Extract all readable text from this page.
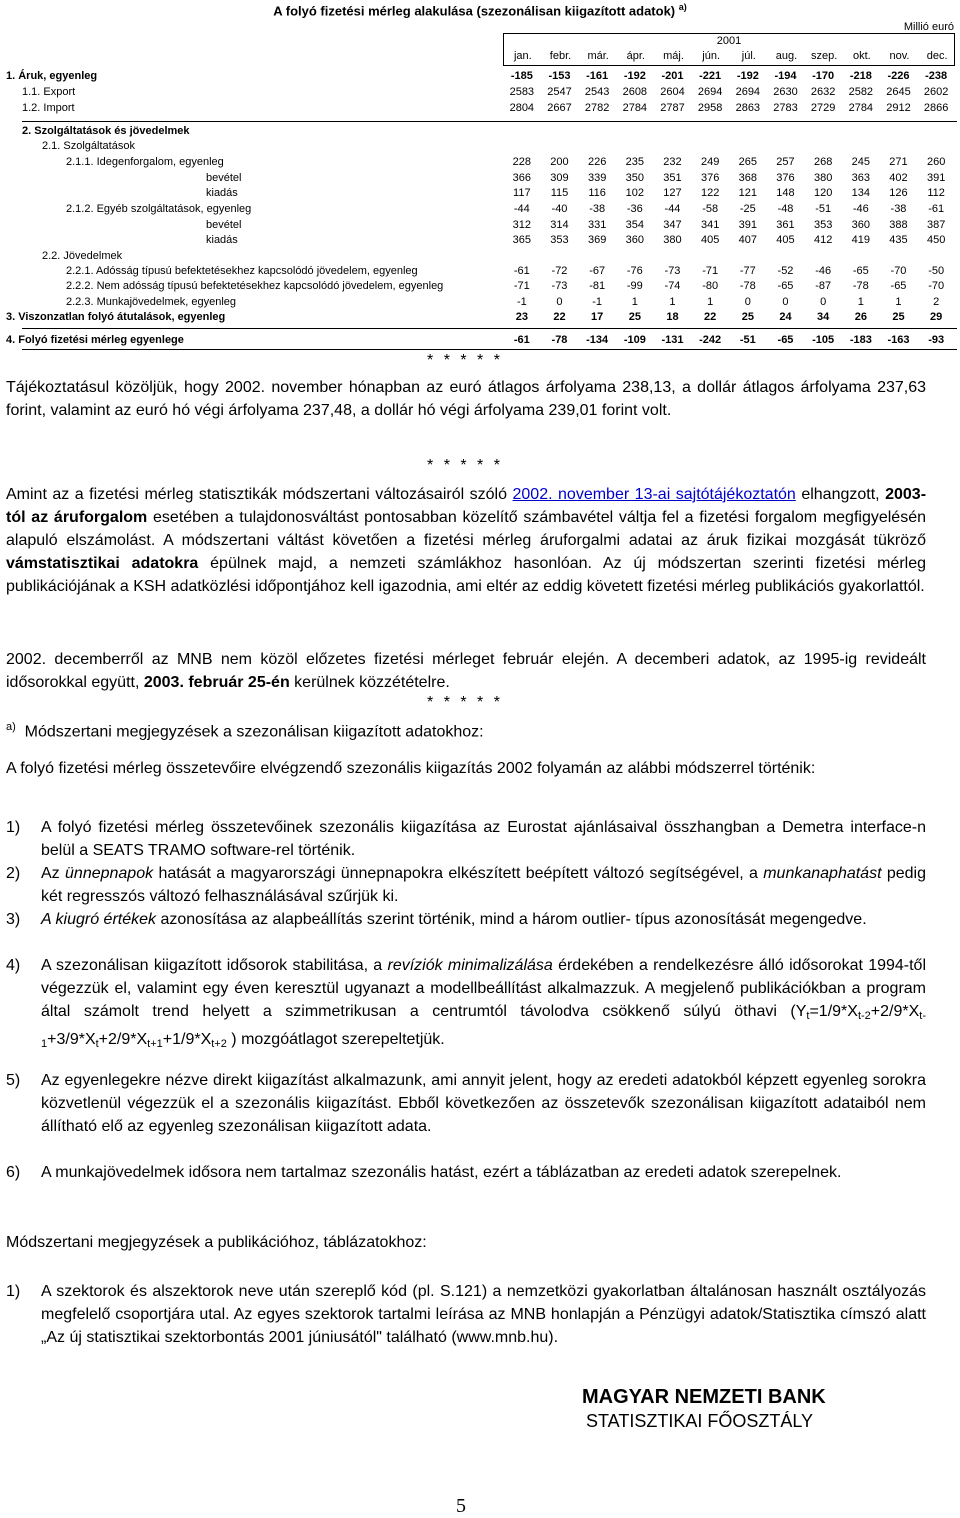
A folyó fizetési mérleg alakulása (szezonálisan kiigazított adatok) $^{a)}$
Millió euró
2001
jan.	febr.	már.	ápr.	máj.	jún.	júl.	aug.	szep.	okt.	nov.	dec.
1. Áruk, egyenleg	-185	-153	-161	-192	-201	-221	-192	-194	-170	-218	-226	-238
1.1. Export	2583	2547	2543	2608	2604	2694	2694	2630	2632	2582	2645	2602
1.2. Import	2804	2667	2782	2784	2787	2958	2863	2783	2729	2784	2912	2866
2. Szolgáltatások és jövedelmek
2.1. Szolgáltatások
2.1.1. Idegenforgalom, egyenleg	228	200	226	235	232	249	265	257	268	245	271	260
bevétel	366	309	339	350	351	376	368	376	380	363	402	391
kiadás	117	115	116	102	127	122	121	148	120	134	126	112
2.1.2. Egyéb szolgáltatások, egyenleg	-44	-40	-38	-36	-44	-58	-25	-48	-51	-46	-38	-61
bevétel	312	314	331	354	347	341	391	361	353	360	388	387
kiadás	365	353	369	360	380	405	407	405	412	419	435	450
2.2. Jövedelmek
2.2.1. Adósság típusú befektetésekhez kapcsolódó jövedelem, egyenleg	-61	-72	-67	-76	-73	-71	-77	-52	-46	-65	-70	-50
2.2.2. Nem adósság típusú befektetésekhez kapcsolódó jövedelem, egyenleg	-71	-73	-81	-99	-74	-80	-78	-65	-87	-78	-65	-70
2.2.3. Munkajövedelmek, egyenleg	-1	0	-1	1	1	1	0	0	0	1	1	2
3. Viszonzatlan folyó átutalások, egyenleg	23	22	17	25	18	22	25	24	34	26	25	29
4. Folyó fizetési mérleg egyenlege	-61	-78	-134	-109	-131	-242	-51	-65	-105	-183	-163	-93
* * * * *
Tájékoztatásul közöljük, hogy 2002. november hónapban az euró átlagos árfolyama 238,13, a dollár átlagos árfolyama 237,63 forint, valamint az euró hó végi árfolyama 237,48, a dollár hó végi árfolyama 239,01 forint volt.
* * * * *
Amint az a fizetési mérleg statisztikák módszertani változásairól szóló 2002. november 13-ai sajtótájékoztatón elhangzott, 2003-tól az áruforgalom esetében a tulajdonosváltást pontosabban közelítő számbavétel váltja fel a fizetési forgalom megfigyelésén alapuló elszámolást. A módszertani váltást követően a fizetési mérleg áruforgalmi adatai az áruk fizikai mozgását tükröző vámstatisztikai adatokra épülnek majd, a nemzeti számlákhoz hasonlóan. Az új módszertan szerinti fizetési mérleg publikációjának a KSH adatközlési időpontjához kell igazodnia, ami eltér az eddig követett fizetési mérleg publikációs gyakorlattól.
2002. decemberről az MNB nem közöl előzetes fizetési mérleget február elején. A decemberi adatok, az 1995-ig revideált idősorokkal együtt, 2003. február 25-én kerülnek közzétételre.
* * * * *
$^{a)}$ Módszertani megjegyzések a szezonálisan kiigazított adatokhoz:
A folyó fizetési mérleg összetevőire elvégzendő szezonális kiigazítás 2002 folyamán az alábbi módszerrel történik:
1) A folyó fizetési mérleg összetevőinek szezonális kiigazítása az Eurostat ajánlásaival összhangban a Demetra interface-n belül a SEATS TRAMO software-rel történik.
2) Az ünnepnapok hatását a magyarországi ünnepnapokra elkészített beépített változó segítségével, a munkanaphatást pedig két regresszós változó felhasználásával szűrjük ki.
3) A kiugró értékek azonosítása az alapbeállítás szerint történik, mind a három outlier- típus azonosítását megengedve.
4) A szezonálisan kiigazított idősorok stabilitása, a revíziók minimalizálása érdekében a rendelkezésre álló idősorokat 1994-től végezzük el, valamint egy éven keresztül ugyanazt a modellbeállítást alkalmazzuk. A megjelenő publikációkban a program által számolt trend helyett a szimmetrikusan a centrumtól távolodva csökkenő súlyú öthavi ($Y_t=1/9*X_{t-2}+2/9*X_{t-1}+3/9*X_t+2/9*X_{t+1}+1/9*X_{t+2}$ ) mozgóátlagot szerepeltetjük.
5) Az egyenlegekre nézve direkt kiigazítást alkalmazunk, ami annyit jelent, hogy az eredeti adatokból képzett egyenleg sorokra közvetlenül végezzük el a szezonális kiigazítást. Ebből következően az összetevők szezonálisan kiigazított adataiból nem állítható elő az egyenleg szezonálisan kiigazított adata.
6) A munkajövedelmek idősora nem tartalmaz szezonális hatást, ezért a táblázatban az eredeti adatok szerepelnek.
Módszertani megjegyzések a publikációhoz, táblázatokhoz:
1) A szektorok és alszektorok neve után szereplő kód (pl. S.121) a nemzetközi gyakorlatban általánosan használt osztályozás megfelelő csoportjára utal. Az egyes szektorok tartalmi leírása az MNB honlapján a Pénzügyi adatok/Statisztika címszó alatt „Az új statisztikai szektorbontás 2001 júniusától" található (www.mnb.hu).
MAGYAR NEMZETI BANK
STATISZTIKAI FŐOSZTÁLY
5
